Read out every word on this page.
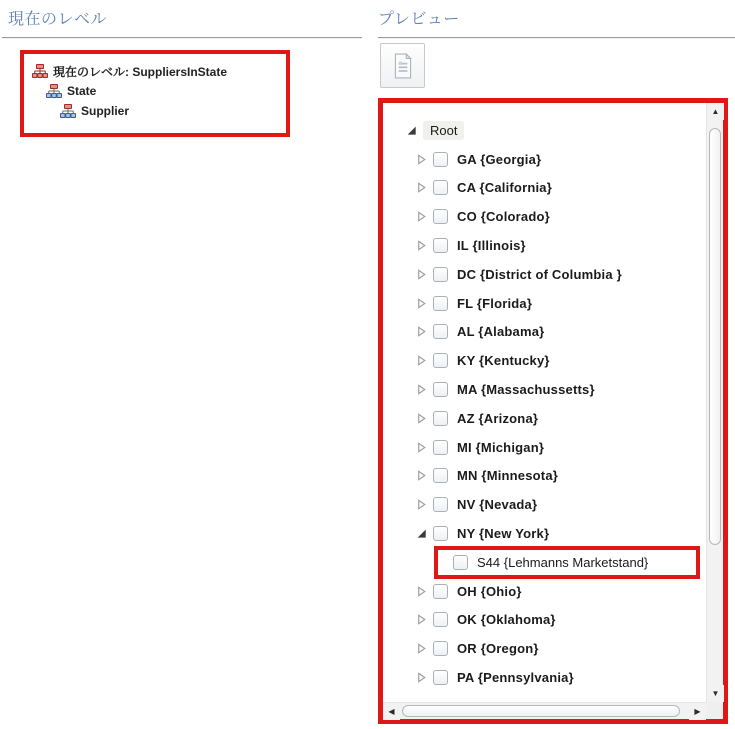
現在のレベル
現在のレベル: SuppliersInState
State
Supplier
プレビュー
Root
GA {Georgia}
CA {California}
CO {Colorado}
IL {Illinois}
DC {District of Columbia }
FL {Florida}
AL {Alabama}
KY {Kentucky}
MA {Massachussetts}
AZ {Arizona}
MI {Michigan}
MN {Minnesota}
NV {Nevada}
NY {New York}
S44 {Lehmanns Marketstand}
OH {Ohio}
OK {Oklahoma}
OR {Oregon}
PA {Pennsylvania}
▲
▼
◀	▶
